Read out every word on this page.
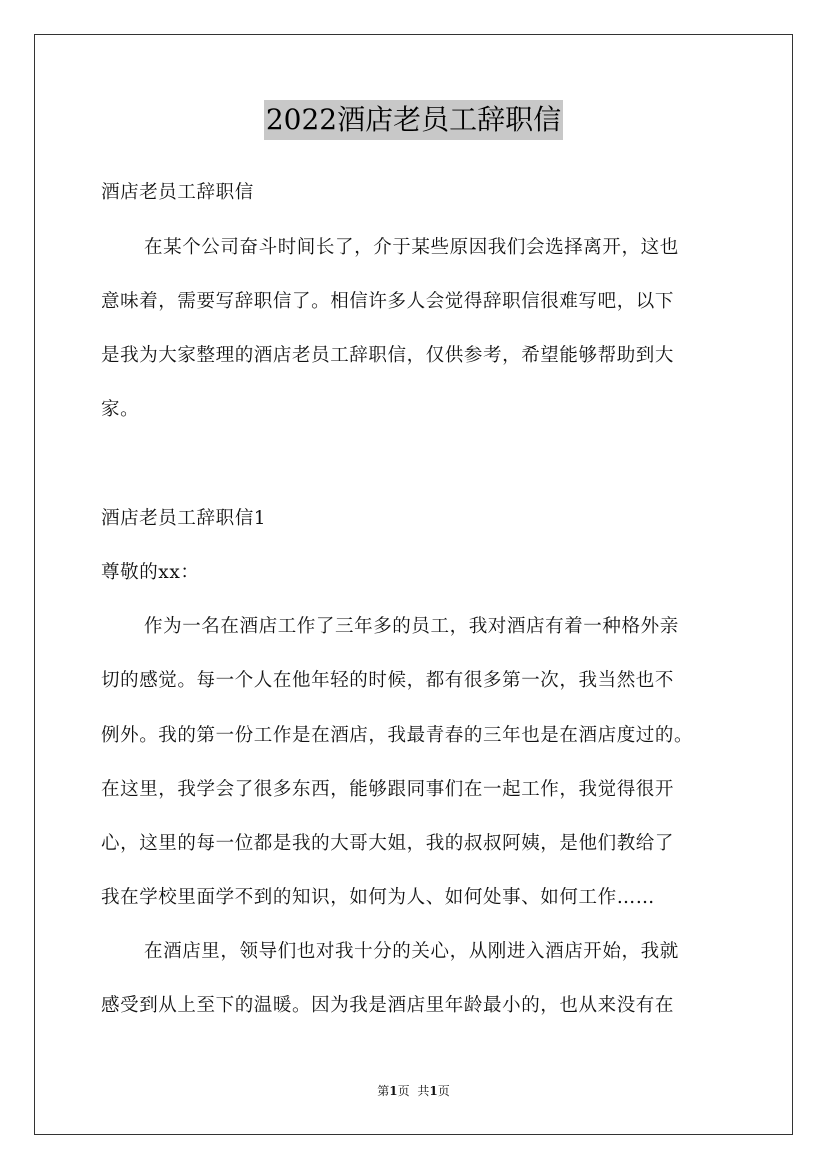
2022酒店老员工辞职信
酒店老员工辞职信
在某个公司奋斗时间长了，介于某些原因我们会选择离开，这也
意味着，需要写辞职信了。相信许多人会觉得辞职信很难写吧，以下
是我为大家整理的酒店老员工辞职信，仅供参考，希望能够帮助到大
家。
酒店老员工辞职信1
尊敬的xx：
作为一名在酒店工作了三年多的员工，我对酒店有着一种格外亲
切的感觉。每一个人在他年轻的时候，都有很多第一次，我当然也不
例外。我的第一份工作是在酒店，我最青春的三年也是在酒店度过的。
在这里，我学会了很多东西，能够跟同事们在一起工作，我觉得很开
心，这里的每一位都是我的大哥大姐，我的叔叔阿姨，是他们教给了
我在学校里面学不到的知识，如何为人、如何处事、如何工作……
在酒店里，领导们也对我十分的关心，从刚进入酒店开始，我就
感受到从上至下的温暖。因为我是酒店里年龄最小的，也从来没有在
第1页 共1页
